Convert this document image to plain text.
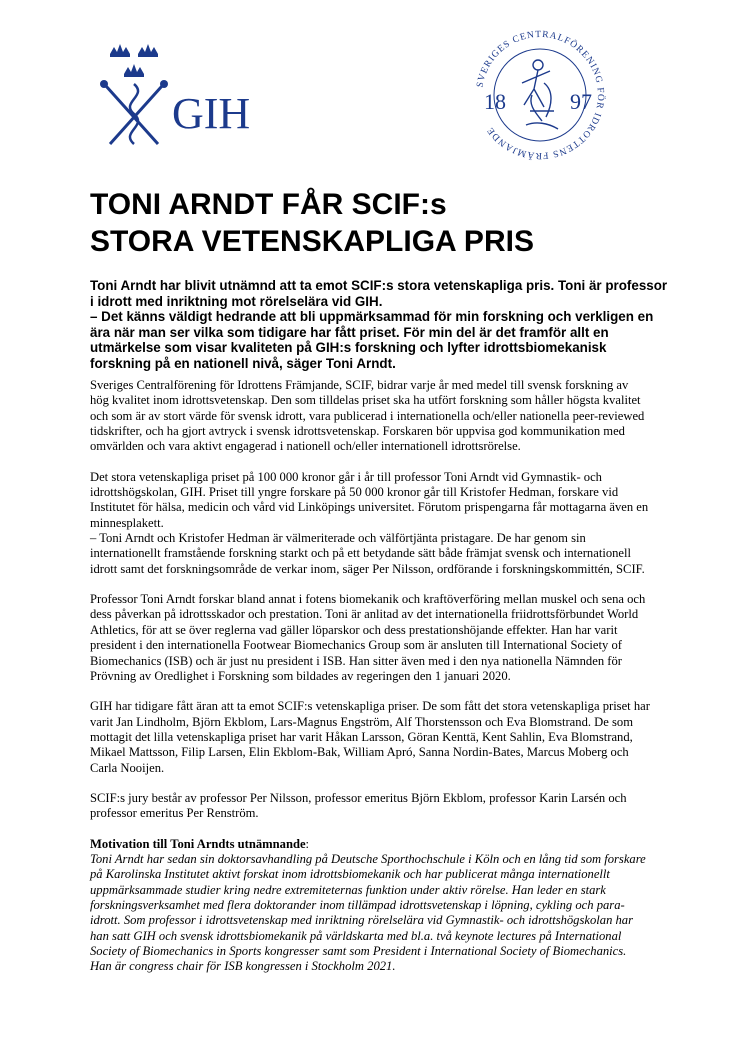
GIH
SVERIGES CENTRALFÖRENING FÖR IDROTTENS FRÄMJANDE
18	97
TONI ARNDT FÅR SCIF:s
STORA VETENSKAPLIGA PRIS
Toni Arndt har blivit utnämnd att ta emot SCIF:s stora vetenskapliga pris. Toni är professor i idrott med inriktning mot rörelselära vid GIH.
– Det känns väldigt hedrande att bli uppmärksammad för min forskning och verkligen en ära när man ser vilka som tidigare har fått priset. För min del är det framför allt en utmärkelse som visar kvaliteten på GIH:s forskning och lyfter idrottsbiomekanisk forskning på en nationell nivå, säger Toni Arndt.

Sveriges Centralförening för Idrottens Främjande, SCIF, bidrar varje år med medel till svensk forskning av hög kvalitet inom idrottsvetenskap. Den som tilldelas priset ska ha utfört forskning som håller högsta kvalitet och som är av stort värde för svensk idrott, vara publicerad i internationella och/eller nationella peer-reviewed tidskrifter, och ha gjort avtryck i svensk idrottsvetenskap. Forskaren bör uppvisa god kommunikation med omvärlden och vara aktivt engagerad i nationell och/eller internationell idrottsrörelse.

Det stora vetenskapliga priset på 100 000 kronor går i år till professor Toni Arndt vid Gymnastik- och idrottshögskolan, GIH. Priset till yngre forskare på 50 000 kronor går till Kristofer Hedman, forskare vid Institutet för hälsa, medicin och vård vid Linköpings universitet. Förutom prispengarna får mottagarna även en minnesplakett.

– Toni Arndt och Kristofer Hedman är välmeriterade och välförtjänta pristagare. De har genom sin internationellt framstående forskning starkt och på ett betydande sätt både främjat svensk och internationell idrott samt det forskningsområde de verkar inom, säger Per Nilsson, ordförande i forskningskommittén, SCIF.

Professor Toni Arndt forskar bland annat i fotens biomekanik och kraftöverföring mellan muskel och sena och dess påverkan på idrottsskador och prestation. Toni är anlitad av det internationella friidrottsförbundet World Athletics, för att se över reglerna vad gäller löparskor och dess prestationshöjande effekter. Han har varit president i den internationella Footwear Biomechanics Group som är ansluten till International Society of Biomechanics (ISB) och är just nu president i ISB. Han sitter även med i den nya nationella Nämnden för Prövning av Oredlighet i Forskning som bildades av regeringen den 1 januari 2020.

GIH har tidigare fått äran att ta emot SCIF:s vetenskapliga priser. De som fått det stora vetenskapliga priset har varit Jan Lindholm, Björn Ekblom, Lars-Magnus Engström, Alf Thorstensson och Eva Blomstrand. De som mottagit det lilla vetenskapliga priset har varit Håkan Larsson, Göran Kenttä, Kent Sahlin, Eva Blomstrand, Mikael Mattsson, Filip Larsen, Elin Ekblom-Bak, William Apró, Sanna Nordin-Bates, Marcus Moberg och Carla Nooijen.

SCIF:s jury består av professor Per Nilsson, professor emeritus Björn Ekblom, professor Karin Larsén och professor emeritus Per Renström.

Motivation till Toni Arndts utnämnande:

Toni Arndt har sedan sin doktorsavhandling på Deutsche Sporthochschule i Köln och en lång tid som forskare på Karolinska Institutet aktivt forskat inom idrottsbiomekanik och har publicerat många internationellt uppmärksammade studier kring nedre extremiteternas funktion under aktiv rörelse. Han leder en stark forskningsverksamhet med flera doktorander inom tillämpad idrottsvetenskap i löpning, cykling och para-idrott. Som professor i idrottsvetenskap med inriktning rörelselära vid Gymnastik- och idrottshögskolan har han satt GIH och svensk idrottsbiomekanik på världskarta med bl.a. två keynote lectures på International Society of Biomechanics in Sports kongresser samt som President i International Society of Biomechanics. Han är congress chair för ISB kongressen i Stockholm 2021.
